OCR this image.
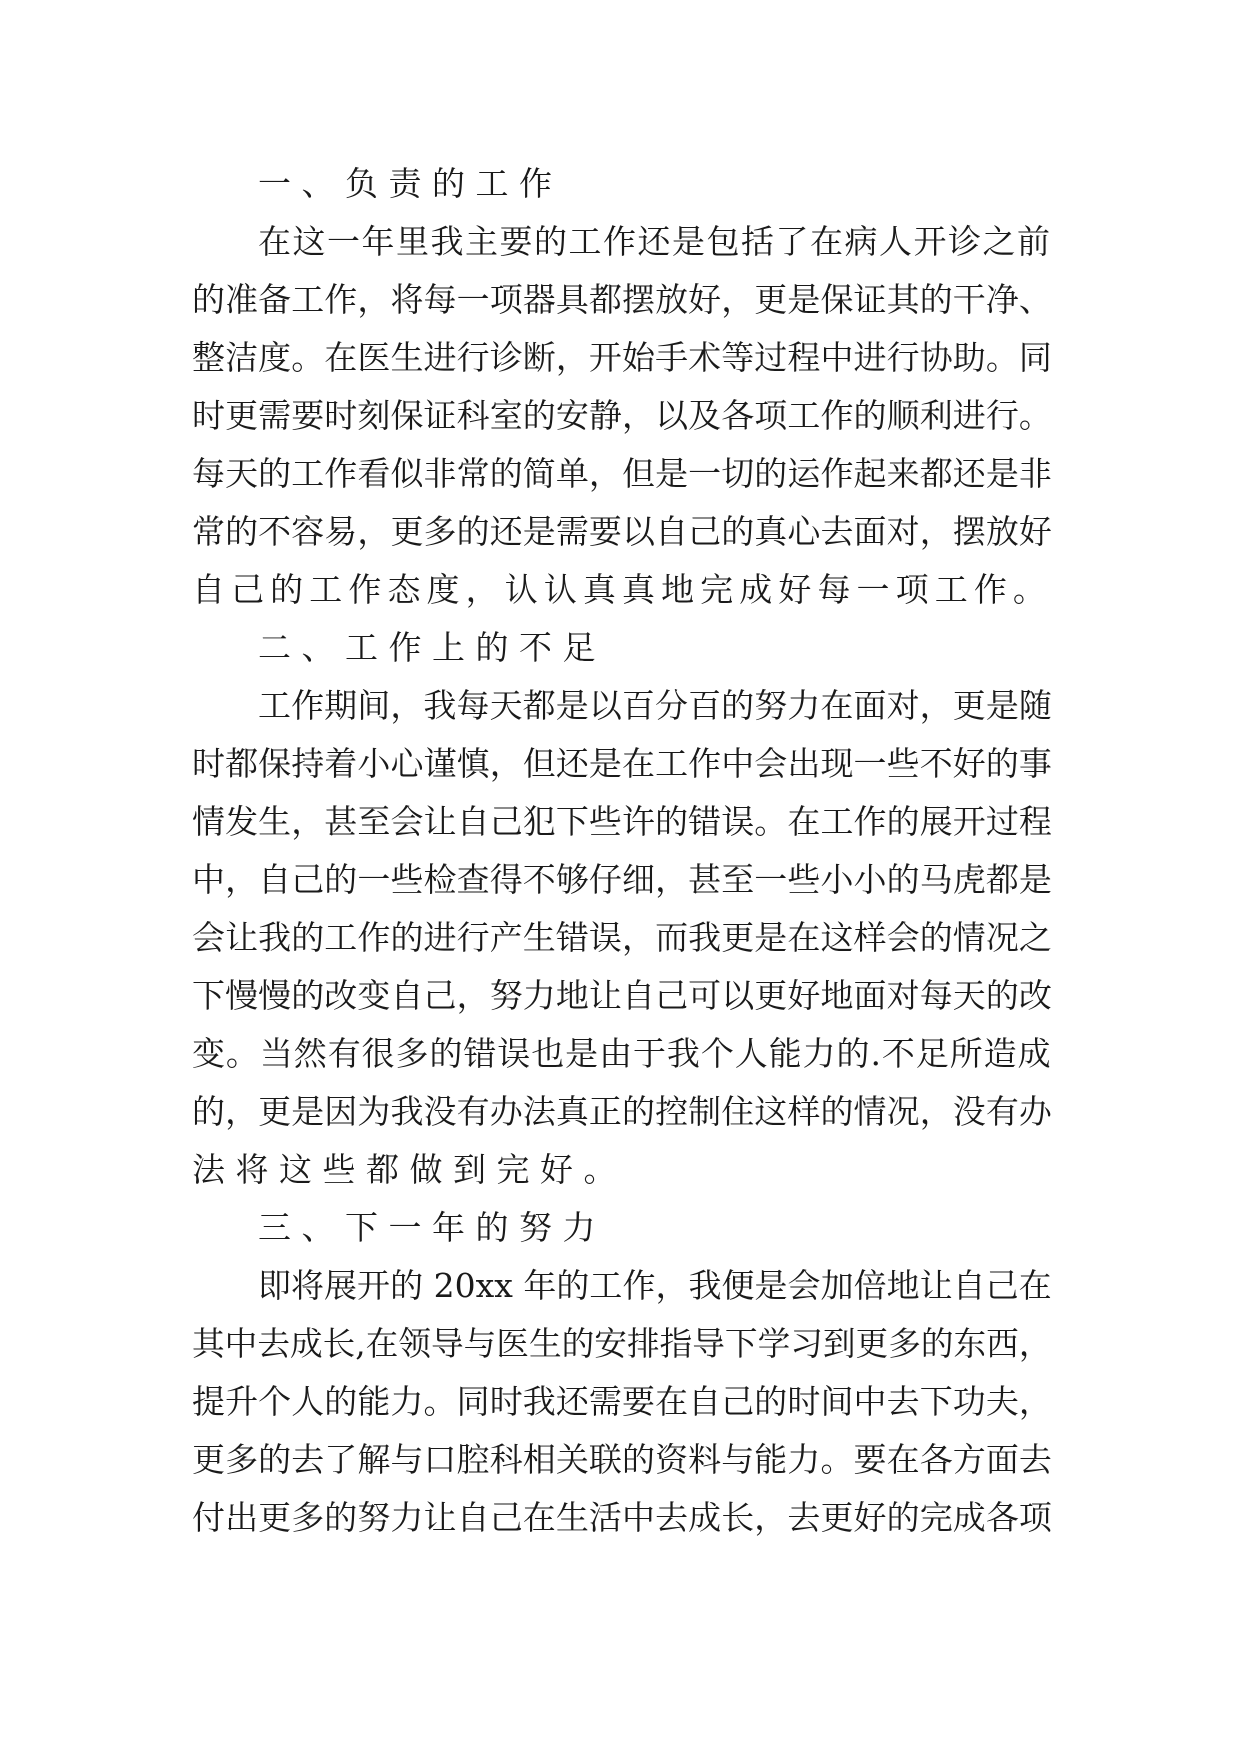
一、负责的工作
在这一年里我主要的工作还是包括了在病人开诊之前
的准备工作，将每一项器具都摆放好，更是保证其的干净、
整洁度。在医生进行诊断，开始手术等过程中进行协助。同
时更需要时刻保证科室的安静，以及各项工作的顺利进行。
每天的工作看似非常的简单，但是一切的运作起来都还是非
常的不容易，更多的还是需要以自己的真心去面对，摆放好
自己的工作态度，认认真真地完成好每一项工作。
二、工作上的不足
工作期间，我每天都是以百分百的努力在面对，更是随
时都保持着小心谨慎，但还是在工作中会出现一些不好的事
情发生，甚至会让自己犯下些许的错误。在工作的展开过程
中，自己的一些检查得不够仔细，甚至一些小小的马虎都是
会让我的工作的进行产生错误，而我更是在这样会的情况之
下慢慢的改变自己，努力地让自己可以更好地面对每天的改
变。当然有很多的错误也是由于我个人能力的.不足所造成
的，更是因为我没有办法真正的控制住这样的情况，没有办
法将这些都做到完好。
三、下一年的努力
即将展开的 20xx 年的工作，我便是会加倍地让自己在
其中去成长,在领导与医生的安排指导下学习到更多的东西，
提升个人的能力。同时我还需要在自己的时间中去下功夫，
更多的去了解与口腔科相关联的资料与能力。要在各方面去
付出更多的努力让自己在生活中去成长，去更好的完成各项
